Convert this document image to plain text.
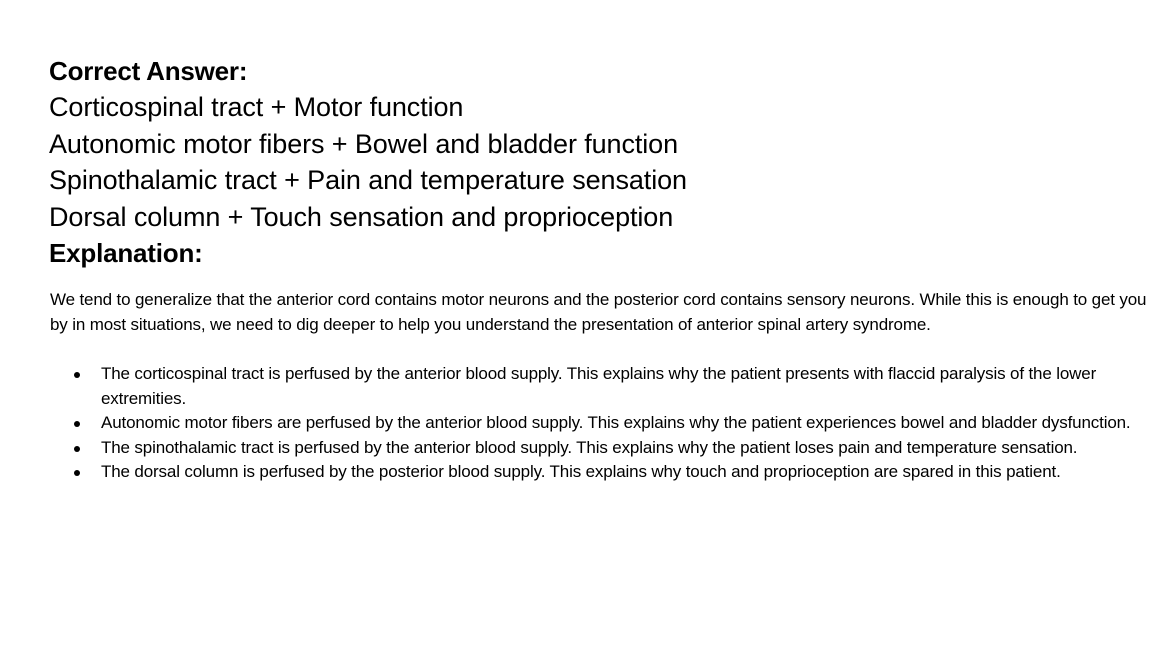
Correct Answer:

Corticospinal tract + Motor function

Autonomic motor fibers + Bowel and bladder function

Spinothalamic tract + Pain and temperature sensation

Dorsal column + Touch sensation and proprioception

Explanation:

We tend to generalize that the anterior cord contains motor neurons and the posterior cord contains sensory neurons. While this is enough to get you by in most situations, we need to dig deeper to help you understand the presentation of anterior spinal artery syndrome.

The corticospinal tract is perfused by the anterior blood supply. This explains why the patient presents with flaccid paralysis of the lower extremities.
Autonomic motor fibers are perfused by the anterior blood supply. This explains why the patient experiences bowel and bladder dysfunction.
The spinothalamic tract is perfused by the anterior blood supply. This explains why the patient loses pain and temperature sensation.
The dorsal column is perfused by the posterior blood supply. This explains why touch and proprioception are spared in this patient.
